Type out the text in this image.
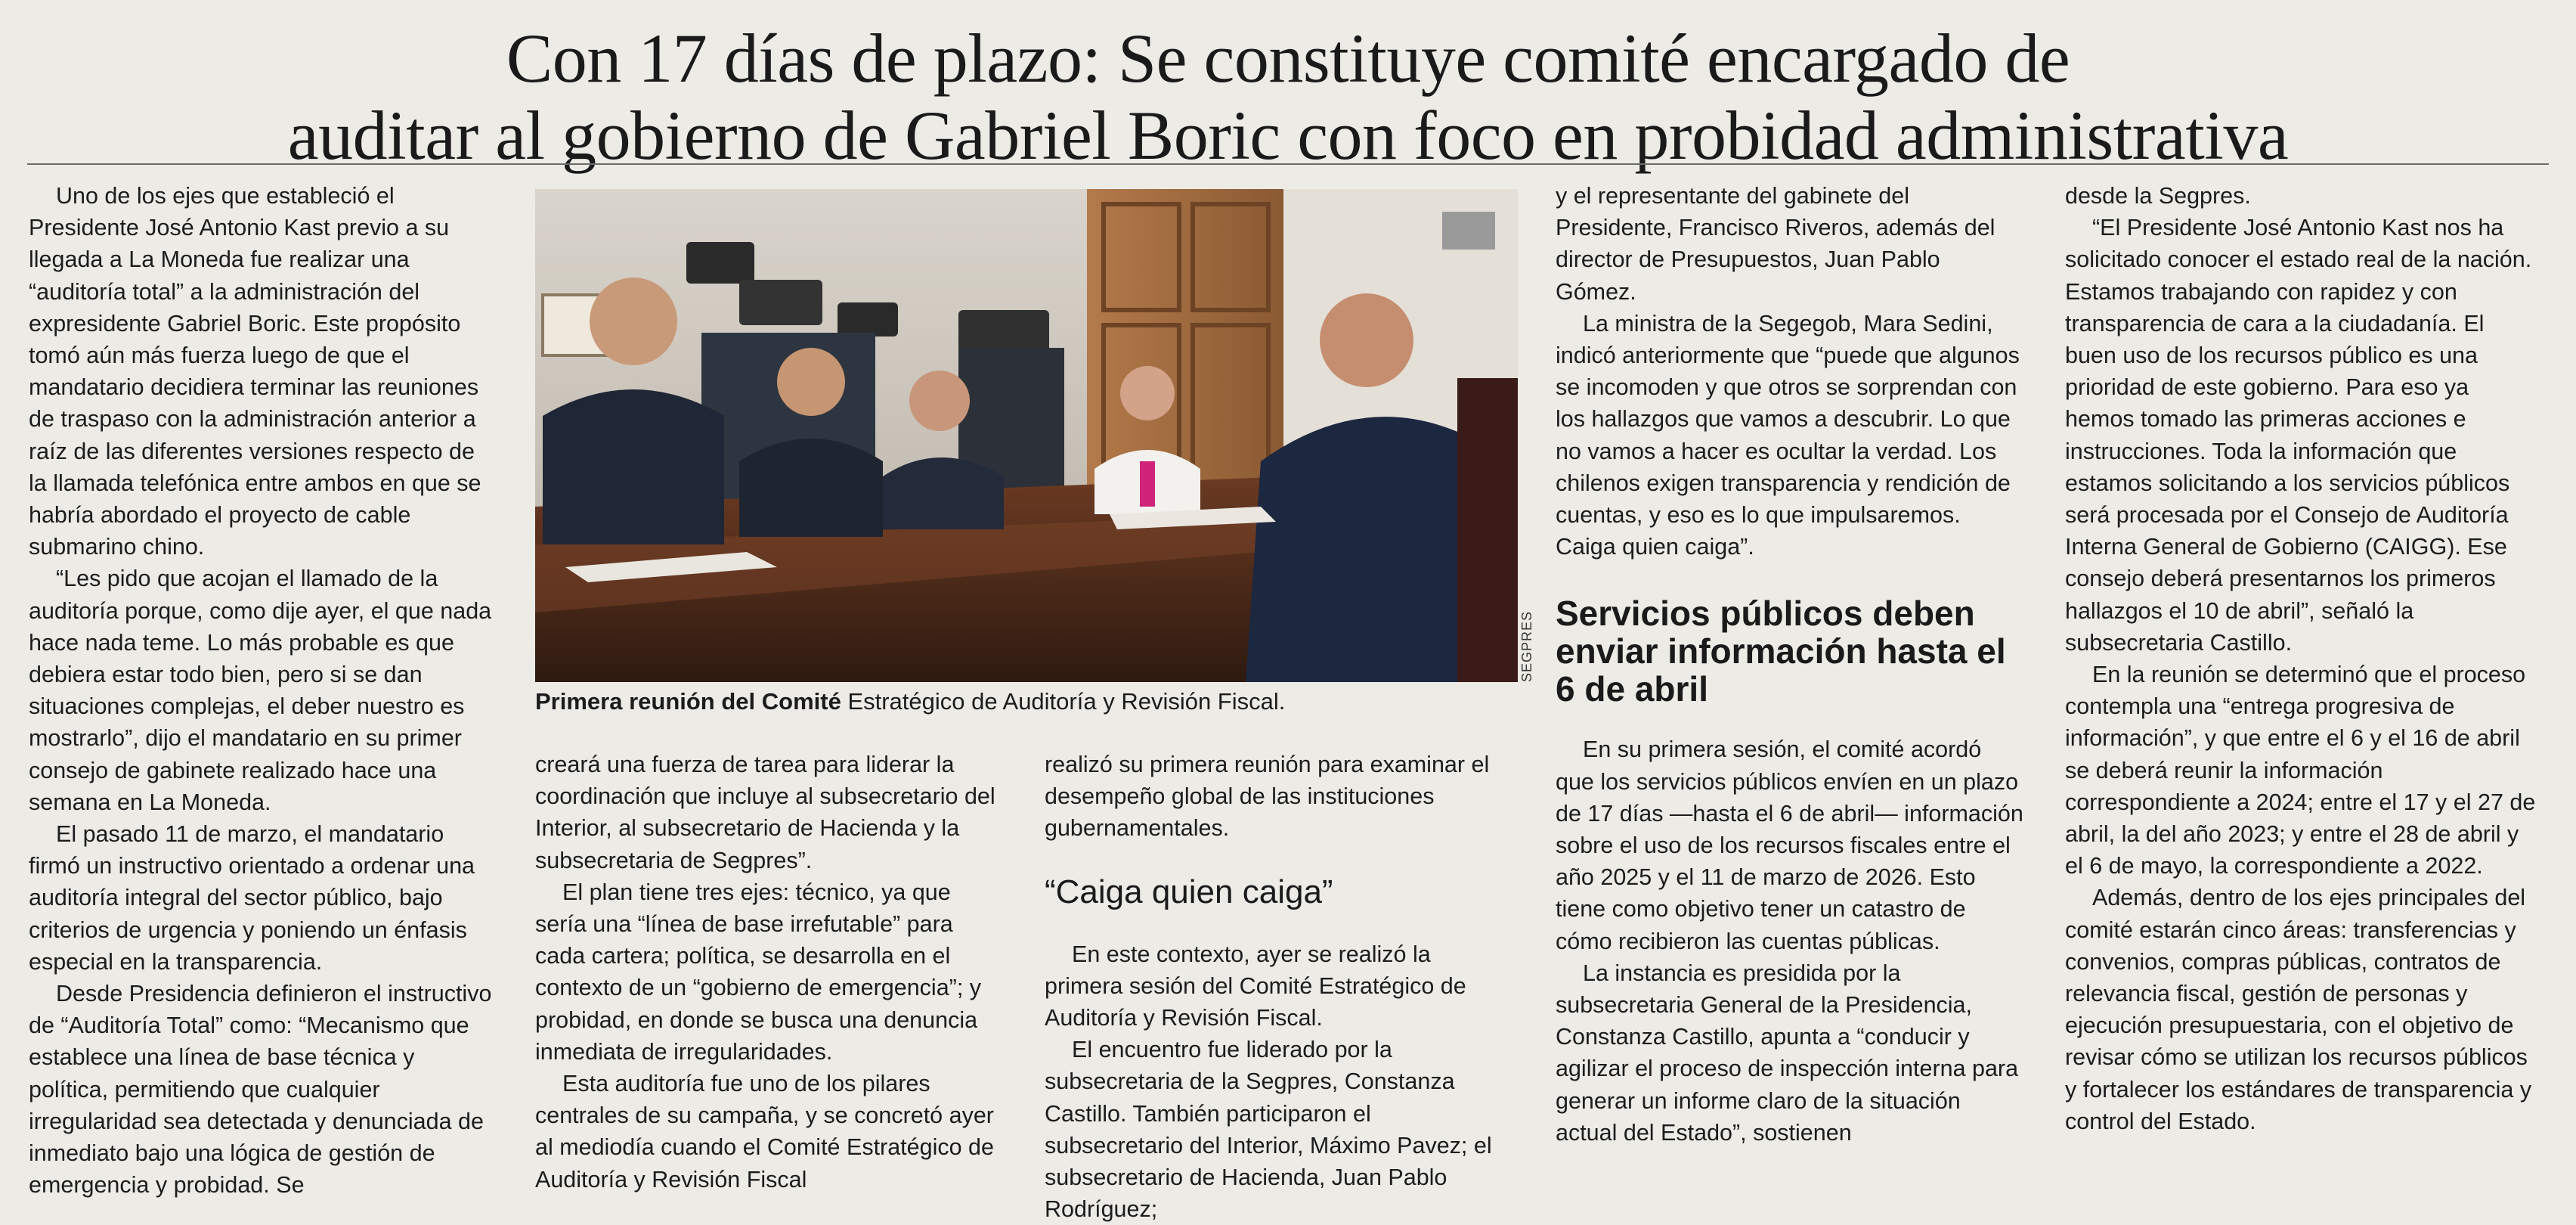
Con 17 días de plazo: Se constituye comité encargado de
auditar al gobierno de Gabriel Boric con foco en probidad administrativa

Uno de los ejes que estableció el Presidente José Antonio Kast previo a su llegada a La Moneda fue realizar una “auditoría total” a la administración del expresidente Gabriel Boric. Este propósito tomó aún más fuerza luego de que el mandatario decidiera terminar las reuniones de traspaso con la administración anterior a raíz de las diferentes versiones respecto de la llamada telefónica entre ambos en que se habría abordado el proyecto de cable submarino chino.

“Les pido que acojan el llamado de la auditoría porque, como dije ayer, el que nada hace nada teme. Lo más probable es que debiera estar todo bien, pero si se dan situaciones complejas, el deber nuestro es mostrarlo”, dijo el mandatario en su primer consejo de gabinete realizado hace una semana en La Moneda.

El pasado 11 de marzo, el mandatario firmó un instructivo orientado a ordenar una auditoría integral del sector público, bajo criterios de urgencia y poniendo un énfasis especial en la transparencia.

Desde Presidencia definieron el instructivo de “Auditoría Total” como: “Mecanismo que establece una línea de base técnica y política, permitiendo que cualquier irregularidad sea detectada y denunciada de inmediato bajo una lógica de gestión de emergencia y probidad. Se

SEGPRES
Primera reunión del Comité Estratégico de Auditoría y Revisión Fiscal.

creará una fuerza de tarea para liderar la coordinación que incluye al subsecretario del Interior, al subsecretario de Hacienda y la subsecretaria de Segpres”.

El plan tiene tres ejes: técnico, ya que sería una “línea de base irrefutable” para cada cartera; política, se desarrolla en el contexto de un “gobierno de emergencia”; y probidad, en donde se busca una denuncia inmediata de irregularidades.

Esta auditoría fue uno de los pilares centrales de su campaña, y se concretó ayer al mediodía cuando el Comité Estratégico de Auditoría y Revisión Fiscal

realizó su primera reunión para examinar el desempeño global de las instituciones gubernamentales.

“Caiga quien caiga”

En este contexto, ayer se realizó la primera sesión del Comité Estratégico de Auditoría y Revisión Fiscal.

El encuentro fue liderado por la subsecretaria de la Segpres, Constanza Castillo. También participaron el subsecretario del Interior, Máximo Pavez; el subsecretario de Hacienda, Juan Pablo Rodríguez;

y el representante del gabinete del Presidente, Francisco Riveros, además del director de Presupuestos, Juan Pablo Gómez.

La ministra de la Segegob, Mara Sedini, indicó anteriormente que “puede que algunos se incomoden y que otros se sorprendan con los hallazgos que vamos a descubrir. Lo que no vamos a hacer es ocultar la verdad. Los chilenos exigen transparencia y rendición de cuentas, y eso es lo que impulsaremos. Caiga quien caiga”.

Servicios públicos deben enviar información hasta el 6 de abril

En su primera sesión, el comité acordó que los servicios públicos envíen en un plazo de 17 días —hasta el 6 de abril— información sobre el uso de los recursos fiscales entre el año 2025 y el 11 de marzo de 2026. Esto tiene como objetivo tener un catastro de cómo recibieron las cuentas públicas.

La instancia es presidida por la subsecretaria General de la Presidencia, Constanza Castillo, apunta a “conducir y agilizar el proceso de inspección interna para generar un informe claro de la situación actual del Estado”, sostienen

desde la Segpres.

“El Presidente José Antonio Kast nos ha solicitado conocer el estado real de la nación. Estamos trabajando con rapidez y con transparencia de cara a la ciudadanía. El buen uso de los recursos público es una prioridad de este gobierno. Para eso ya hemos tomado las primeras acciones e instrucciones. Toda la información que estamos solicitando a los servicios públicos será procesada por el Consejo de Auditoría Interna General de Gobierno (CAIGG). Ese consejo deberá presentarnos los primeros hallazgos el 10 de abril”, señaló la subsecretaria Castillo.

En la reunión se determinó que el proceso contempla una “entrega progresiva de información”, y que entre el 6 y el 16 de abril se deberá reunir la información correspondiente a 2024; entre el 17 y el 27 de abril, la del año 2023; y entre el 28 de abril y el 6 de mayo, la correspondiente a 2022.

Además, dentro de los ejes principales del comité estarán cinco áreas: transferencias y convenios, compras públicas, contratos de relevancia fiscal, gestión de personas y ejecución presupuestaria, con el objetivo de revisar cómo se utilizan los recursos públicos y fortalecer los estándares de transparencia y control del Estado.
